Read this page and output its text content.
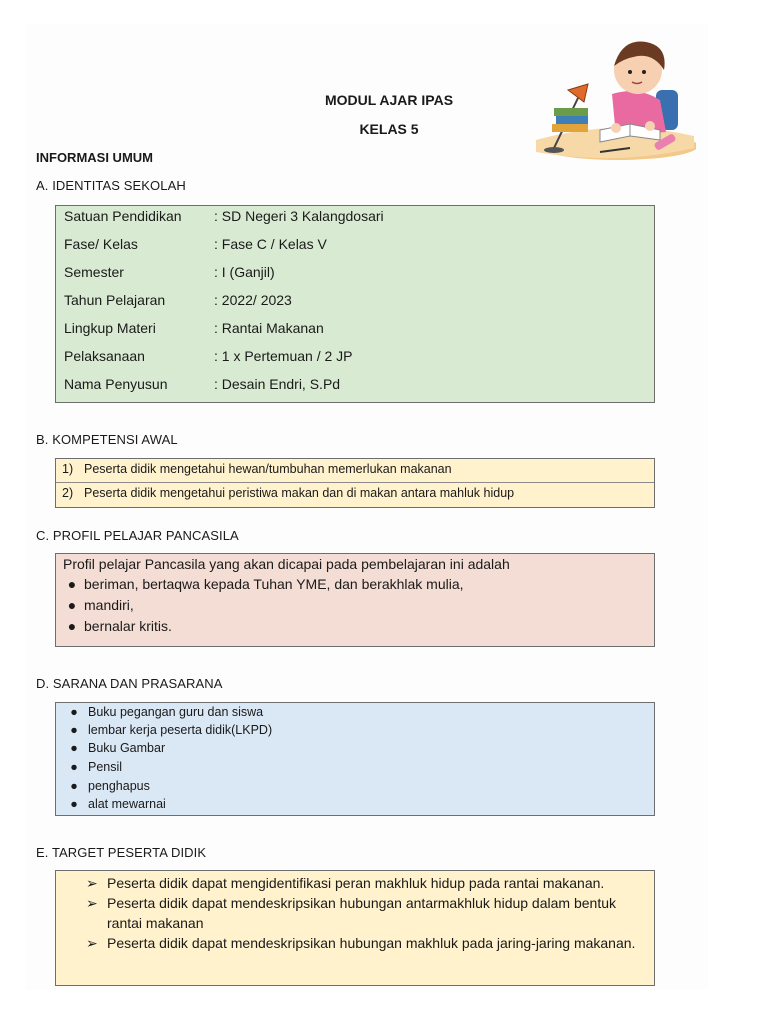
MODUL AJAR IPAS
KELAS 5
INFORMASI UMUM
A. IDENTITAS SEKOLAH
Satuan Pendidikan : SD Negeri 3 Kalangdosari
Fase/ Kelas	: Fase C / Kelas V
Semester	: I (Ganjil)
Tahun Pelajaran	: 2022/ 2023
Lingkup Materi	: Rantai Makanan
Pelaksanaan	: 1 x Pertemuan / 2 JP
Nama Penyusun	: Desain Endri, S.Pd
B. KOMPETENSI AWAL
1) Peserta didik mengetahui hewan/tumbuhan memerlukan makanan
2) Peserta didik mengetahui peristiwa makan dan di makan antara mahluk hidup
C. PROFIL PELAJAR PANCASILA
Profil pelajar Pancasila yang akan dicapai pada pembelajaran ini adalah
● beriman, bertaqwa kepada Tuhan YME, dan berakhlak mulia,
● mandiri,
● bernalar kritis.
D. SARANA DAN PRASARANA
● Buku pegangan guru dan siswa
● lembar kerja peserta didik(LKPD)
● Buku Gambar
● Pensil
● penghapus
● alat mewarnai
E. TARGET PESERTA DIDIK
➢ Peserta didik dapat mengidentifikasi peran makhluk hidup pada rantai makanan.
➢ Peserta didik dapat mendeskripsikan hubungan antarmakhluk hidup dalam bentuk rantai makanan
➢ Peserta didik dapat mendeskripsikan hubungan makhluk pada jaring-jaring makanan.
